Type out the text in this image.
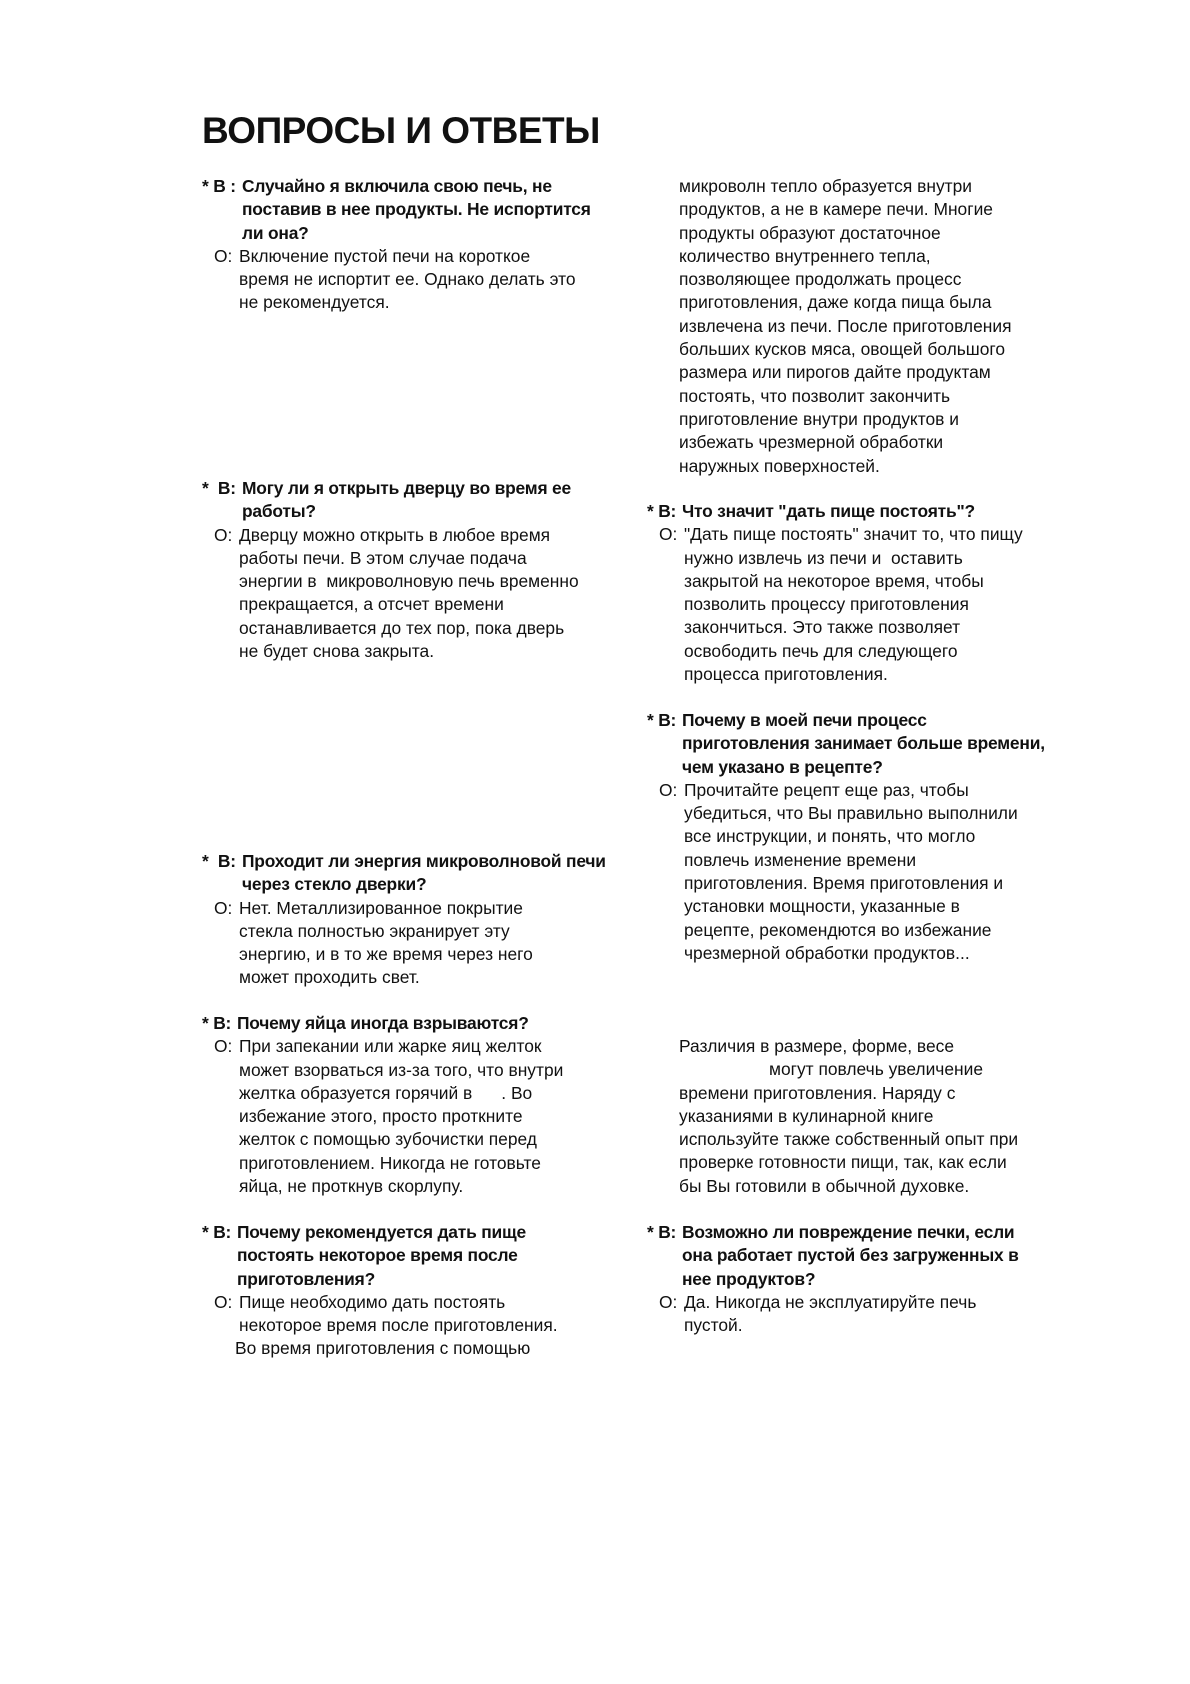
ВОПРОСЫ И ОТВЕТЫ
* В : Случайно я включила свою печь, не
поставив в нее продукты. Не испортится
ли она?
О: Включение пустой печи на короткое
время не испортит ее. Однако делать это
не рекомендуется.
*  В: Могу ли я открыть дверцу во время ее
работы?
О: Дверцу можно открыть в любое время
работы печи. В этом случае подача
энергии в  микроволновую печь временно
прекращается, а отсчет времени
останавливается до тех пор, пока дверь
не будет снова закрыта.
*  В: Проходит ли энергия микроволновой печи
через стекло дверки?
О: Нет. Металлизированное покрытие
стекла полностью экранирует эту
энергию, и в то же время через него
может проходить свет.
* В: Почему яйца иногда взрываются?
О: При запекании или жарке яиц желток
может взорваться из-за того, что внутри
желтка образуется горячий в      . Во
избежание этого, просто проткните
желток с помощью зубочистки перед
приготовлением. Никогда не готовьте
яйца, не проткнув скорлупу.
* В: Почему рекомендуется дать пище
постоять некоторое время после
приготовления?
О: Пище необходимо дать постоять
некоторое время после приготовления.
Во время приготовления с помощью
микроволн тепло образуется внутри
продуктов, а не в камере печи. Многие
продукты образуют достаточное
количество внутреннего тепла,
позволяющее продолжать процесс
приготовления, даже когда пища была
извлечена из печи. После приготовления
больших кусков мяса, овощей большого
размера или пирогов дайте продуктам
постоять, что позволит закончить
приготовление внутри продуктов и
избежать чрезмерной обработки
наружных поверхностей.
* В: Что значит "дать пище постоять"?
О: "Дать пище постоять" значит то, что пищу
нужно извлечь из печи и  оставить
закрытой на некоторое время, чтобы
позволить процессу приготовления
закончиться. Это также позволяет
освободить печь для следующего
процесса приготовления.
* В: Почему в моей печи процесс
приготовления занимает больше времени,
чем указано в рецепте?
О: Прочитайте рецепт еще раз, чтобы
убедиться, что Вы правильно выполнили
все инструкции, и понять, что могло
повлечь изменение времени
приготовления. Время приготовления и
установки мощности, указанные в
рецепте, рекомендются во избежание
чрезмерной обработки продуктов...
Различия в размере, форме, весе
могут повлечь увеличение
времени приготовления. Наряду с
указаниями в кулинарной книге
используйте также собственный опыт при
проверке готовности пищи, так, как если
бы Вы готовили в обычной духовке.
* В: Возможно ли повреждение печки, если
она работает пустой без загруженных в
нее продуктов?
О: Да. Никогда не эксплуатируйте печь
пустой.
